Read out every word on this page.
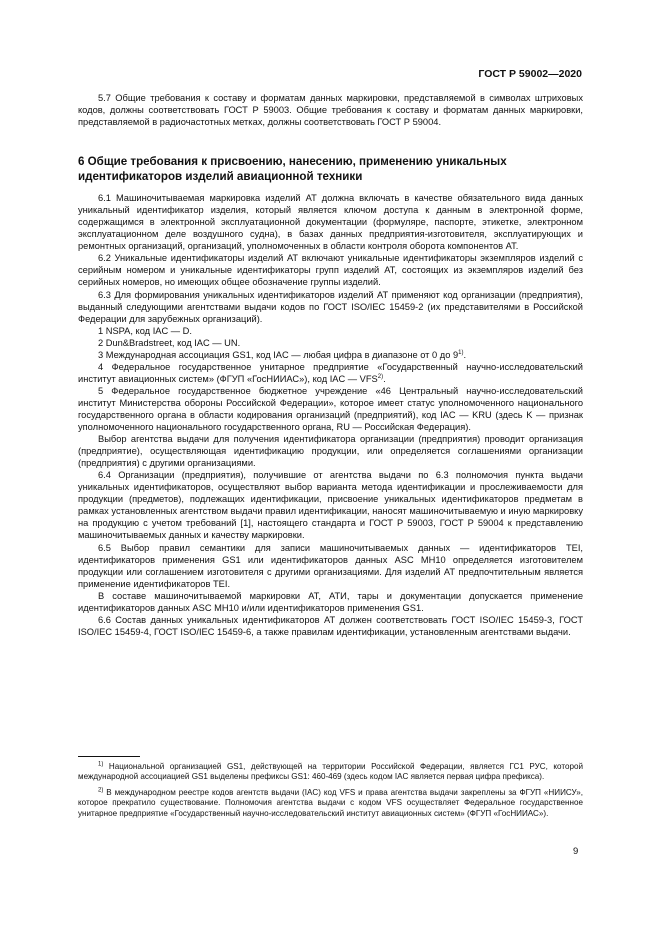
ГОСТ Р 59002—2020

5.7 Общие требования к составу и форматам данных маркировки, представляемой в символах штриховых кодов, должны соответствовать ГОСТ Р 59003. Общие требования к составу и форматам данных маркировки, представляемой в радиочастотных метках, должны соответствовать ГОСТ Р 59004.

6 Общие требования к присвоению, нанесению, применению уникальных идентификаторов изделий авиационной техники

6.1 Машиночитываемая маркировка изделий АТ должна включать в качестве обязательного вида данных уникальный идентификатор изделия, который является ключом доступа к данным в электронной форме, содержащимся в электронной эксплуатационной документации (формуляре, паспорте, этикетке, электронном эксплуатационном деле воздушного судна), в базах данных предприятия-изготовителя, эксплуатирующих и ремонтных организаций, организаций, уполномоченных в области контроля оборота компонентов АТ.

6.2 Уникальные идентификаторы изделий АТ включают уникальные идентификаторы экземпляров изделий с серийным номером и уникальные идентификаторы групп изделий АТ, состоящих из экземпляров изделий без серийных номеров, но имеющих общее обозначение группы изделий.

6.3 Для формирования уникальных идентификаторов изделий АТ применяют код организации (предприятия), выданный следующими агентствами выдачи кодов по ГОСТ ISO/IEC 15459-2 (их представителями в Российской Федерации для зарубежных организаций).

1 NSPA, код IAC — D.

2 Dun&Bradstreet, код IAC — UN.

3 Международная ассоциация GS1, код IAC — любая цифра в диапазоне от 0 до 9$^{1)}$.

4 Федеральное государственное унитарное предприятие «Государственный научно-исследовательский институт авиационных систем» (ФГУП «ГосНИИАС»), код IAC — VFS$^{2)}$.

5 Федеральное государственное бюджетное учреждение «46 Центральный научно-исследовательский институт Министерства обороны Российской Федерации», которое имеет статус уполномоченного национального государственного органа в области кодирования организаций (предприятий), код IAC — KRU (здесь K — признак уполномоченного национального государственного органа, RU — Российская Федерация).

Выбор агентства выдачи для получения идентификатора организации (предприятия) проводит организация (предприятие), осуществляющая идентификацию продукции, или определяется соглашениями организации (предприятия) с другими организациями.

6.4 Организации (предприятия), получившие от агентства выдачи по 6.3 полномочия пункта выдачи уникальных идентификаторов, осуществляют выбор варианта метода идентификации и прослеживаемости для продукции (предметов), подлежащих идентификации, присвоение уникальных идентификаторов предметам в рамках установленных агентством выдачи правил идентификации, наносят машиночитываемую и иную маркировку на продукцию с учетом требований [1], настоящего стандарта и ГОСТ Р 59003, ГОСТ Р 59004 к представлению машиночитываемых данных и качеству маркировки.

6.5 Выбор правил семантики для записи машиночитываемых данных — идентификаторов TEI, идентификаторов применения GS1 или идентификаторов данных ASC MH10 определяется изготовителем продукции или соглашением изготовителя с другими организациями. Для изделий АТ предпочтительным является применение идентификаторов TEI.

В составе машиночитываемой маркировки АТ, АТИ, тары и документации допускается применение идентификаторов данных ASC MH10 и/или идентификаторов применения GS1.

6.6 Состав данных уникальных идентификаторов АТ должен соответствовать ГОСТ ISO/IEC 15459-3, ГОСТ ISO/IEC 15459-4, ГОСТ ISO/IEC 15459-6, а также правилам идентификации, установленным агентствами выдачи.

$^{1)}$ Национальной организацией GS1, действующей на территории Российской Федерации, является ГС1 РУС, которой международной ассоциацией GS1 выделены префиксы GS1: 460-469 (здесь кодом IAC является первая цифра префикса).

$^{2)}$ В международном реестре кодов агентств выдачи (IAC) код VFS и права агентства выдачи закреплены за ФГУП «НИИСУ», которое прекратило существование. Полномочия агентства выдачи с кодом VFS осуществляет Федеральное государственное унитарное предприятие «Государственный научно-исследовательский институт авиационных систем» (ФГУП «ГосНИИАС»).

9
